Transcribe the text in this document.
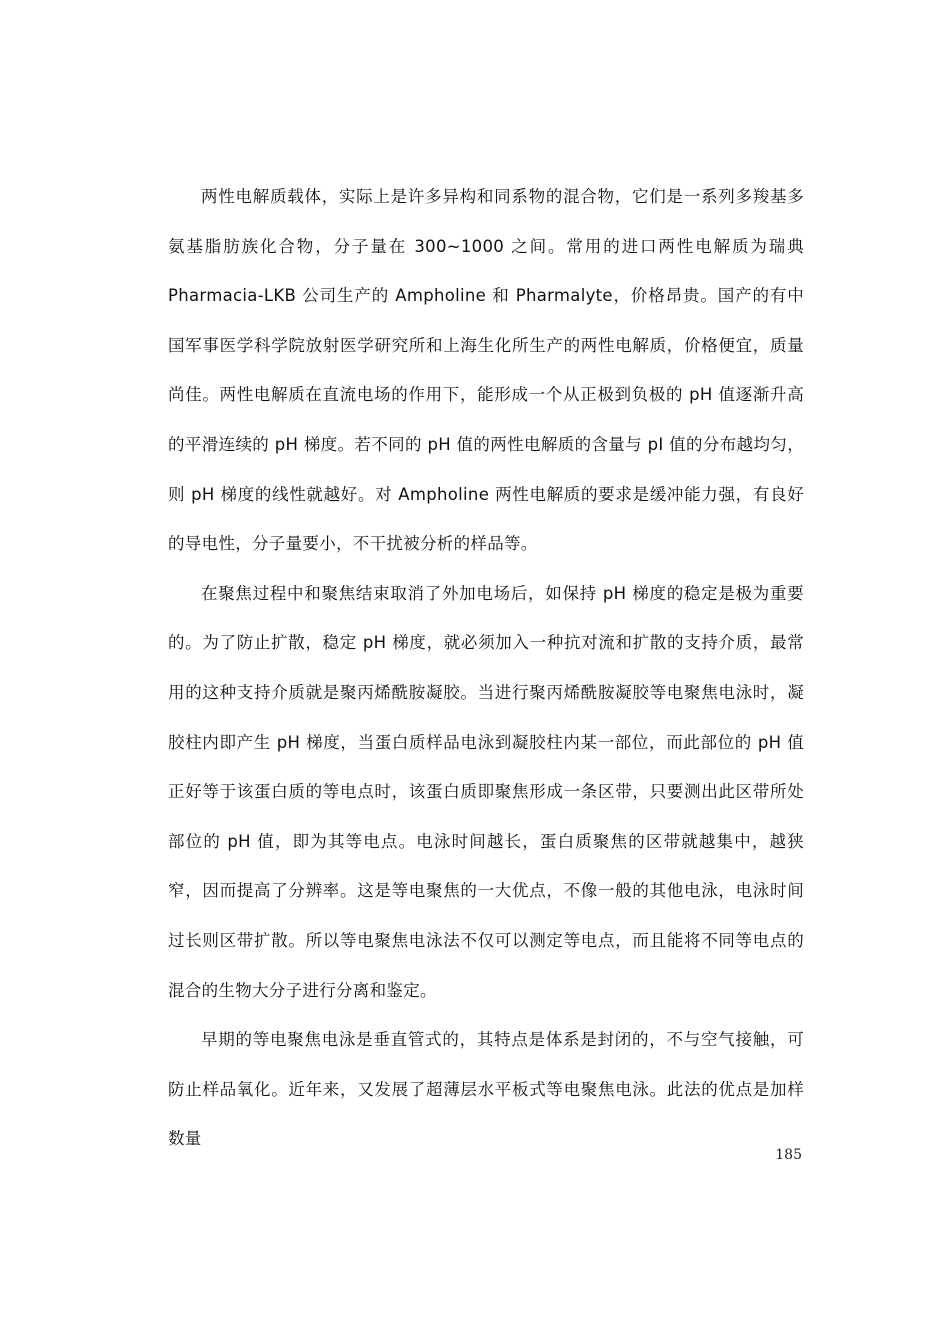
两性电解质载体，实际上是许多异构和同系物的混合物，它们是一系列多羧基多氨基脂肪族化合物，分子量在 300~1000 之间。常用的进口两性电解质为瑞典 Pharmacia-LKB 公司生产的 Ampholine 和 Pharmalyte，价格昂贵。国产的有中国军事医学科学院放射医学研究所和上海生化所生产的两性电解质，价格便宜，质量尚佳。两性电解质在直流电场的作用下，能形成一个从正极到负极的 pH 值逐渐升高的平滑连续的 pH 梯度。若不同的 pH 值的两性电解质的含量与 pI 值的分布越均匀，则 pH 梯度的线性就越好。对 Ampholine 两性电解质的要求是缓冲能力强，有良好的导电性，分子量要小，不干扰被分析的样品等。

在聚焦过程中和聚焦结束取消了外加电场后，如保持 pH 梯度的稳定是极为重要的。为了防止扩散，稳定 pH 梯度，就必须加入一种抗对流和扩散的支持介质，最常用的这种支持介质就是聚丙烯酰胺凝胶。当进行聚丙烯酰胺凝胶等电聚焦电泳时，凝胶柱内即产生 pH 梯度，当蛋白质样品电泳到凝胶柱内某一部位，而此部位的 pH 值正好等于该蛋白质的等电点时，该蛋白质即聚焦形成一条区带，只要测出此区带所处部位的 pH 值，即为其等电点。电泳时间越长，蛋白质聚焦的区带就越集中，越狭窄，因而提高了分辨率。这是等电聚焦的一大优点，不像一般的其他电泳，电泳时间过长则区带扩散。所以等电聚焦电泳法不仅可以测定等电点，而且能将不同等电点的混合的生物大分子进行分离和鉴定。

早期的等电聚焦电泳是垂直管式的，其特点是体系是封闭的，不与空气接触，可防止样品氧化。近年来，又发展了超薄层水平板式等电聚焦电泳。此法的优点是加样数量

185
